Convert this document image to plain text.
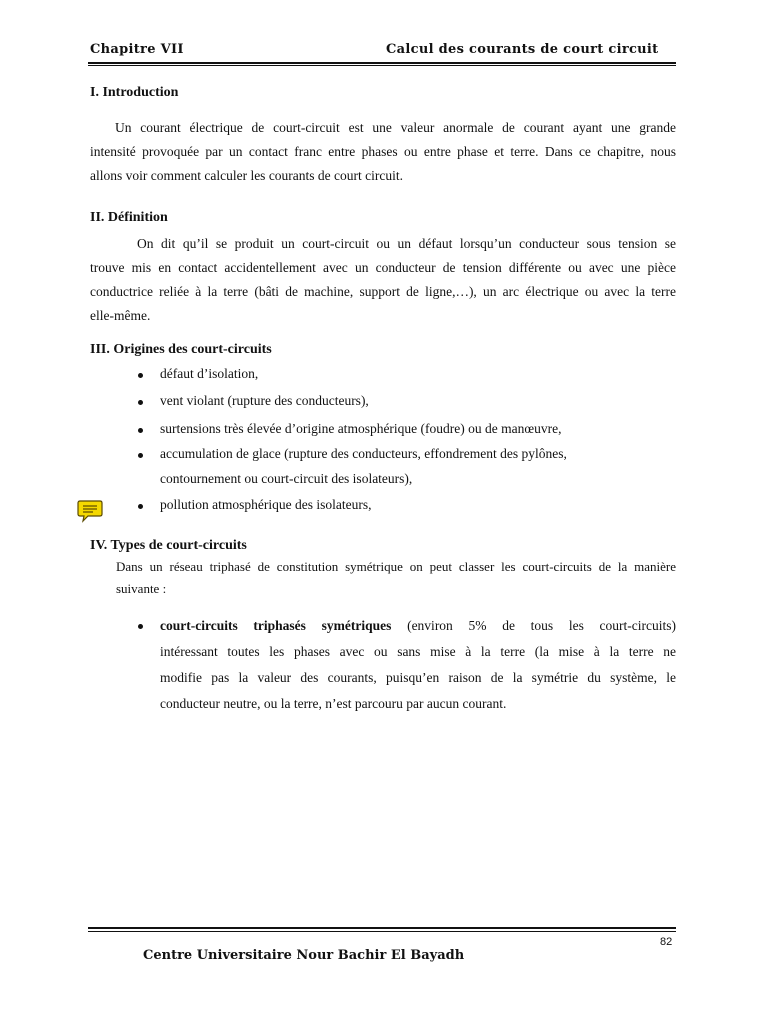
Chapitre VII	Calcul des courants de court circuit
I. Introduction
Un courant électrique de court-circuit est une valeur anormale de courant ayant une grande
intensité provoquée par un contact franc entre phases ou entre phase et terre. Dans ce chapitre, nous
allons voir comment calculer les courants de court circuit.
II. Définition
On dit qu’il se produit un court-circuit ou un défaut lorsqu’un conducteur sous tension se
trouve mis en contact accidentellement avec un conducteur de tension différente ou avec une pièce
conductrice reliée à la terre (bâti de machine, support de ligne,…), un arc électrique ou avec la terre
elle-même.
III. Origines des court-circuits
défaut d’isolation,
vent violant (rupture des conducteurs),
surtensions très élevée d’origine atmosphérique (foudre) ou de manœuvre,
accumulation de glace (rupture des conducteurs, effondrement des pylônes,
contournement ou court-circuit des isolateurs),
pollution atmosphérique des isolateurs,
IV. Types de court-circuits
Dans un réseau triphasé de constitution symétrique on peut classer les court-circuits de la manière
suivante :
court-circuits triphasés symétriques (environ 5% de tous les court-circuits)
intéressant toutes les phases avec ou sans mise à la terre (la mise à la terre ne
modifie pas la valeur des courants, puisqu’en raison de la symétrie du système, le
conducteur neutre, ou la terre, n’est parcouru par aucun courant.
82
Centre Universitaire Nour Bachir El Bayadh
